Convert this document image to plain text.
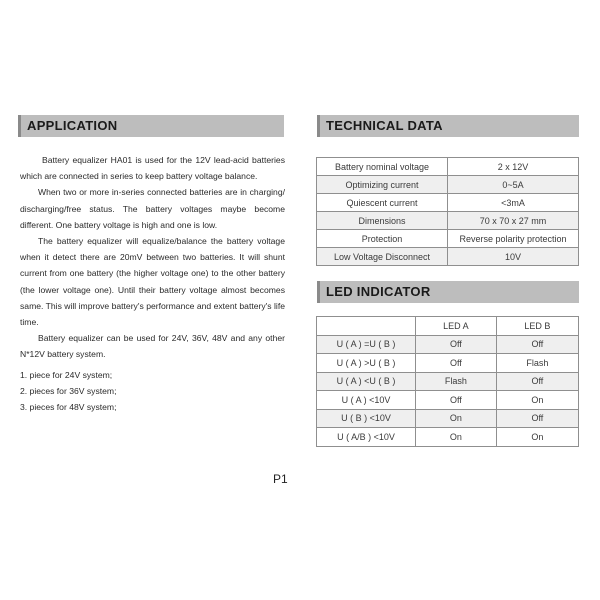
APPLICATION	TECHNICAL DATA
LED INDICATOR

Battery equalizer HA01 is used for the 12V lead-acid batteries which are connected in series to keep battery voltage balance.

When two or more in-series connected batteries are in charging/ discharging/free status. The battery voltages maybe become different. One battery voltage is high and one is low.

The battery equalizer will equalize/balance the battery voltage when it detect there are 20mV between two batteries. It will shunt current from one battery (the higher voltage one) to the other battery (the lower voltage one). Until their battery voltage almost becomes same. This will improve battery's performance and extent battery's life time.

Battery equalizer can be used for 24V, 36V, 48V and any other N*12V battery system.

1. piece for 24V system;
2. pieces for 36V system;
3. pieces for 48V system;
Battery nominal voltage	2 x 12V
Optimizing current	0~5A
Quiescent current	<3mA
Dimensions	70 x 70 x 27 mm
Protection	Reverse polarity protection
Low Voltage Disconnect	10V
	LED A	LED B
U ( A ) =U ( B )	Off	Off
U ( A ) >U ( B )	Off	Flash
U ( A ) <U ( B )	Flash	Off
U ( A ) <10V	Off	On
U ( B ) <10V	On	Off
U ( A/B ) <10V	On	On
P1
